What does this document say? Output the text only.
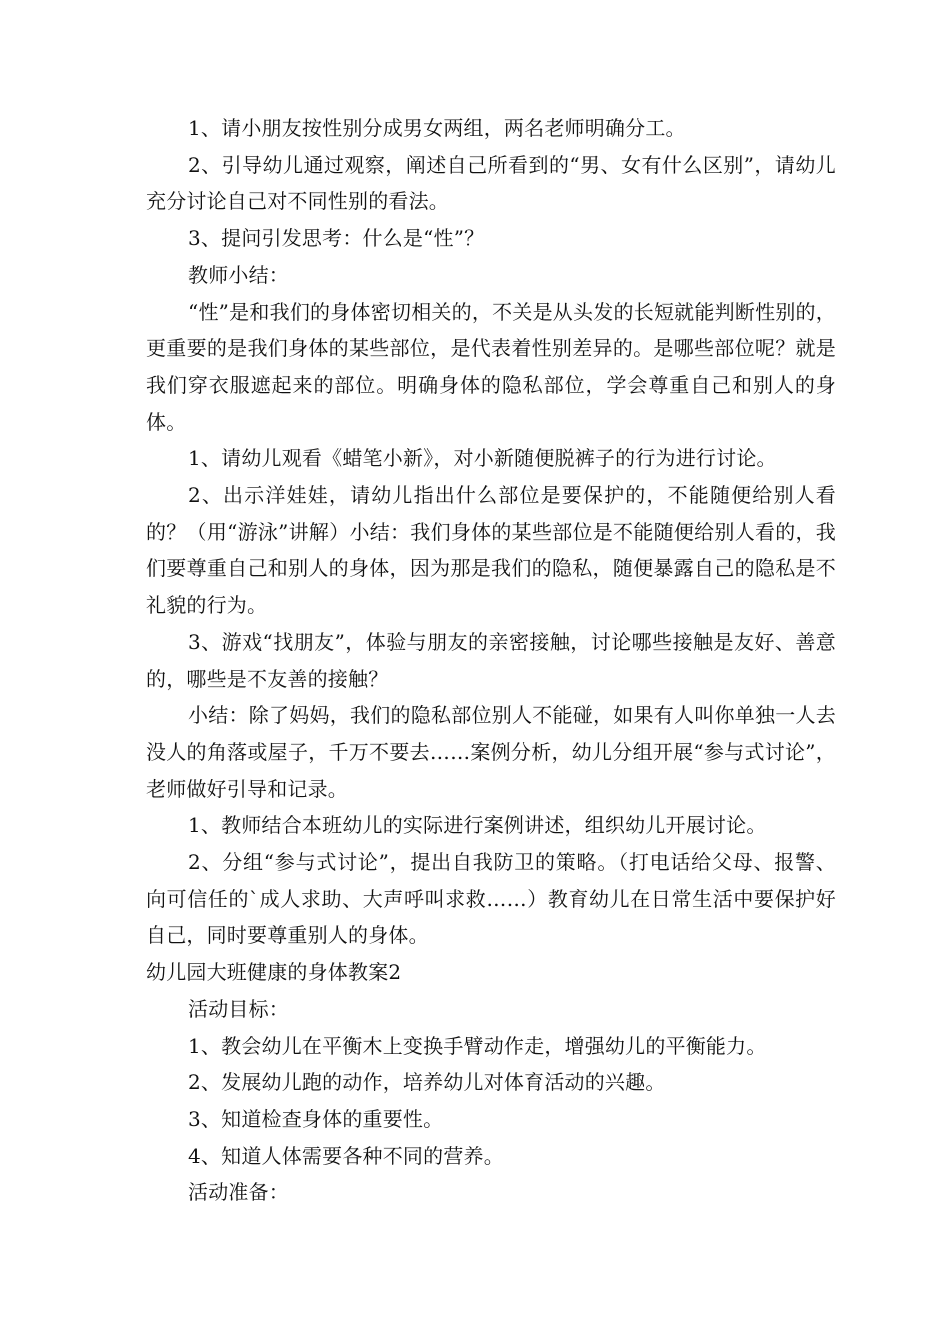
1、请小朋友按性别分成男女两组，两名老师明确分工。

2、引导幼儿通过观察，阐述自己所看到的“男、女有什么区别”，请幼儿充分讨论自己对不同性别的看法。

3、提问引发思考：什么是“性”？

教师小结：

“性”是和我们的身体密切相关的，不关是从头发的长短就能判断性别的，更重要的是我们身体的某些部位，是代表着性别差异的。是哪些部位呢？就是我们穿衣服遮起来的部位。明确身体的隐私部位，学会尊重自己和别人的身体。

1、请幼儿观看《蜡笔小新》，对小新随便脱裤子的行为进行讨论。

2、出示洋娃娃，请幼儿指出什么部位是要保护的，不能随便给别人看的？（用“游泳”讲解）小结：我们身体的某些部位是不能随便给别人看的，我们要尊重自己和别人的身体，因为那是我们的隐私，随便暴露自己的隐私是不礼貌的行为。

3、游戏“找朋友”，体验与朋友的亲密接触，讨论哪些接触是友好、善意的，哪些是不友善的接触？

小结：除了妈妈，我们的隐私部位别人不能碰，如果有人叫你单独一人去没人的角落或屋子，千万不要去……案例分析，幼儿分组开展“参与式讨论”，老师做好引导和记录。

1、教师结合本班幼儿的实际进行案例讲述，组织幼儿开展讨论。

2、分组“参与式讨论”，提出自我防卫的策略。（打电话给父母、报警、向可信任的`成人求助、大声呼叫求救……）教育幼儿在日常生活中要保护好自己，同时要尊重别人的身体。

幼儿园大班健康的身体教案2

活动目标：

1、教会幼儿在平衡木上变换手臂动作走，增强幼儿的平衡能力。

2、发展幼儿跑的动作，培养幼儿对体育活动的兴趣。

3、知道检查身体的重要性。

4、知道人体需要各种不同的营养。

活动准备：
